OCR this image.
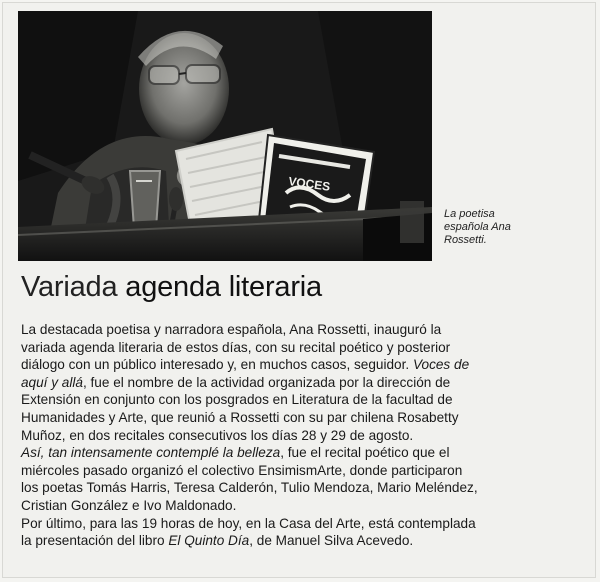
VOCES
La poetisa
española Ana
Rossetti.
Variada agenda literaria
La destacada poetisa y narradora española, Ana Rossetti, inauguró la
variada agenda literaria de estos días, con su recital poético y posterior
diálogo con un público interesado y, en muchos casos, seguidor. Voces de
aquí y allá, fue el nombre de la actividad organizada por la dirección de
Extensión en conjunto con los posgrados en Literatura de la facultad de
Humanidades y Arte, que reunió a Rossetti con su par chilena Rosabetty
Muñoz, en dos recitales consecutivos los días 28 y 29 de agosto.
Así, tan intensamente contemplé la belleza, fue el recital poético que el
miércoles pasado organizó el colectivo EnsimismArte, donde participaron
los poetas Tomás Harris, Teresa Calderón, Tulio Mendoza, Mario Meléndez,
Cristian González e Ivo Maldonado.
Por último, para las 19 horas de hoy, en la Casa del Arte, está contemplada
la presentación del libro El Quinto Día, de Manuel Silva Acevedo.
